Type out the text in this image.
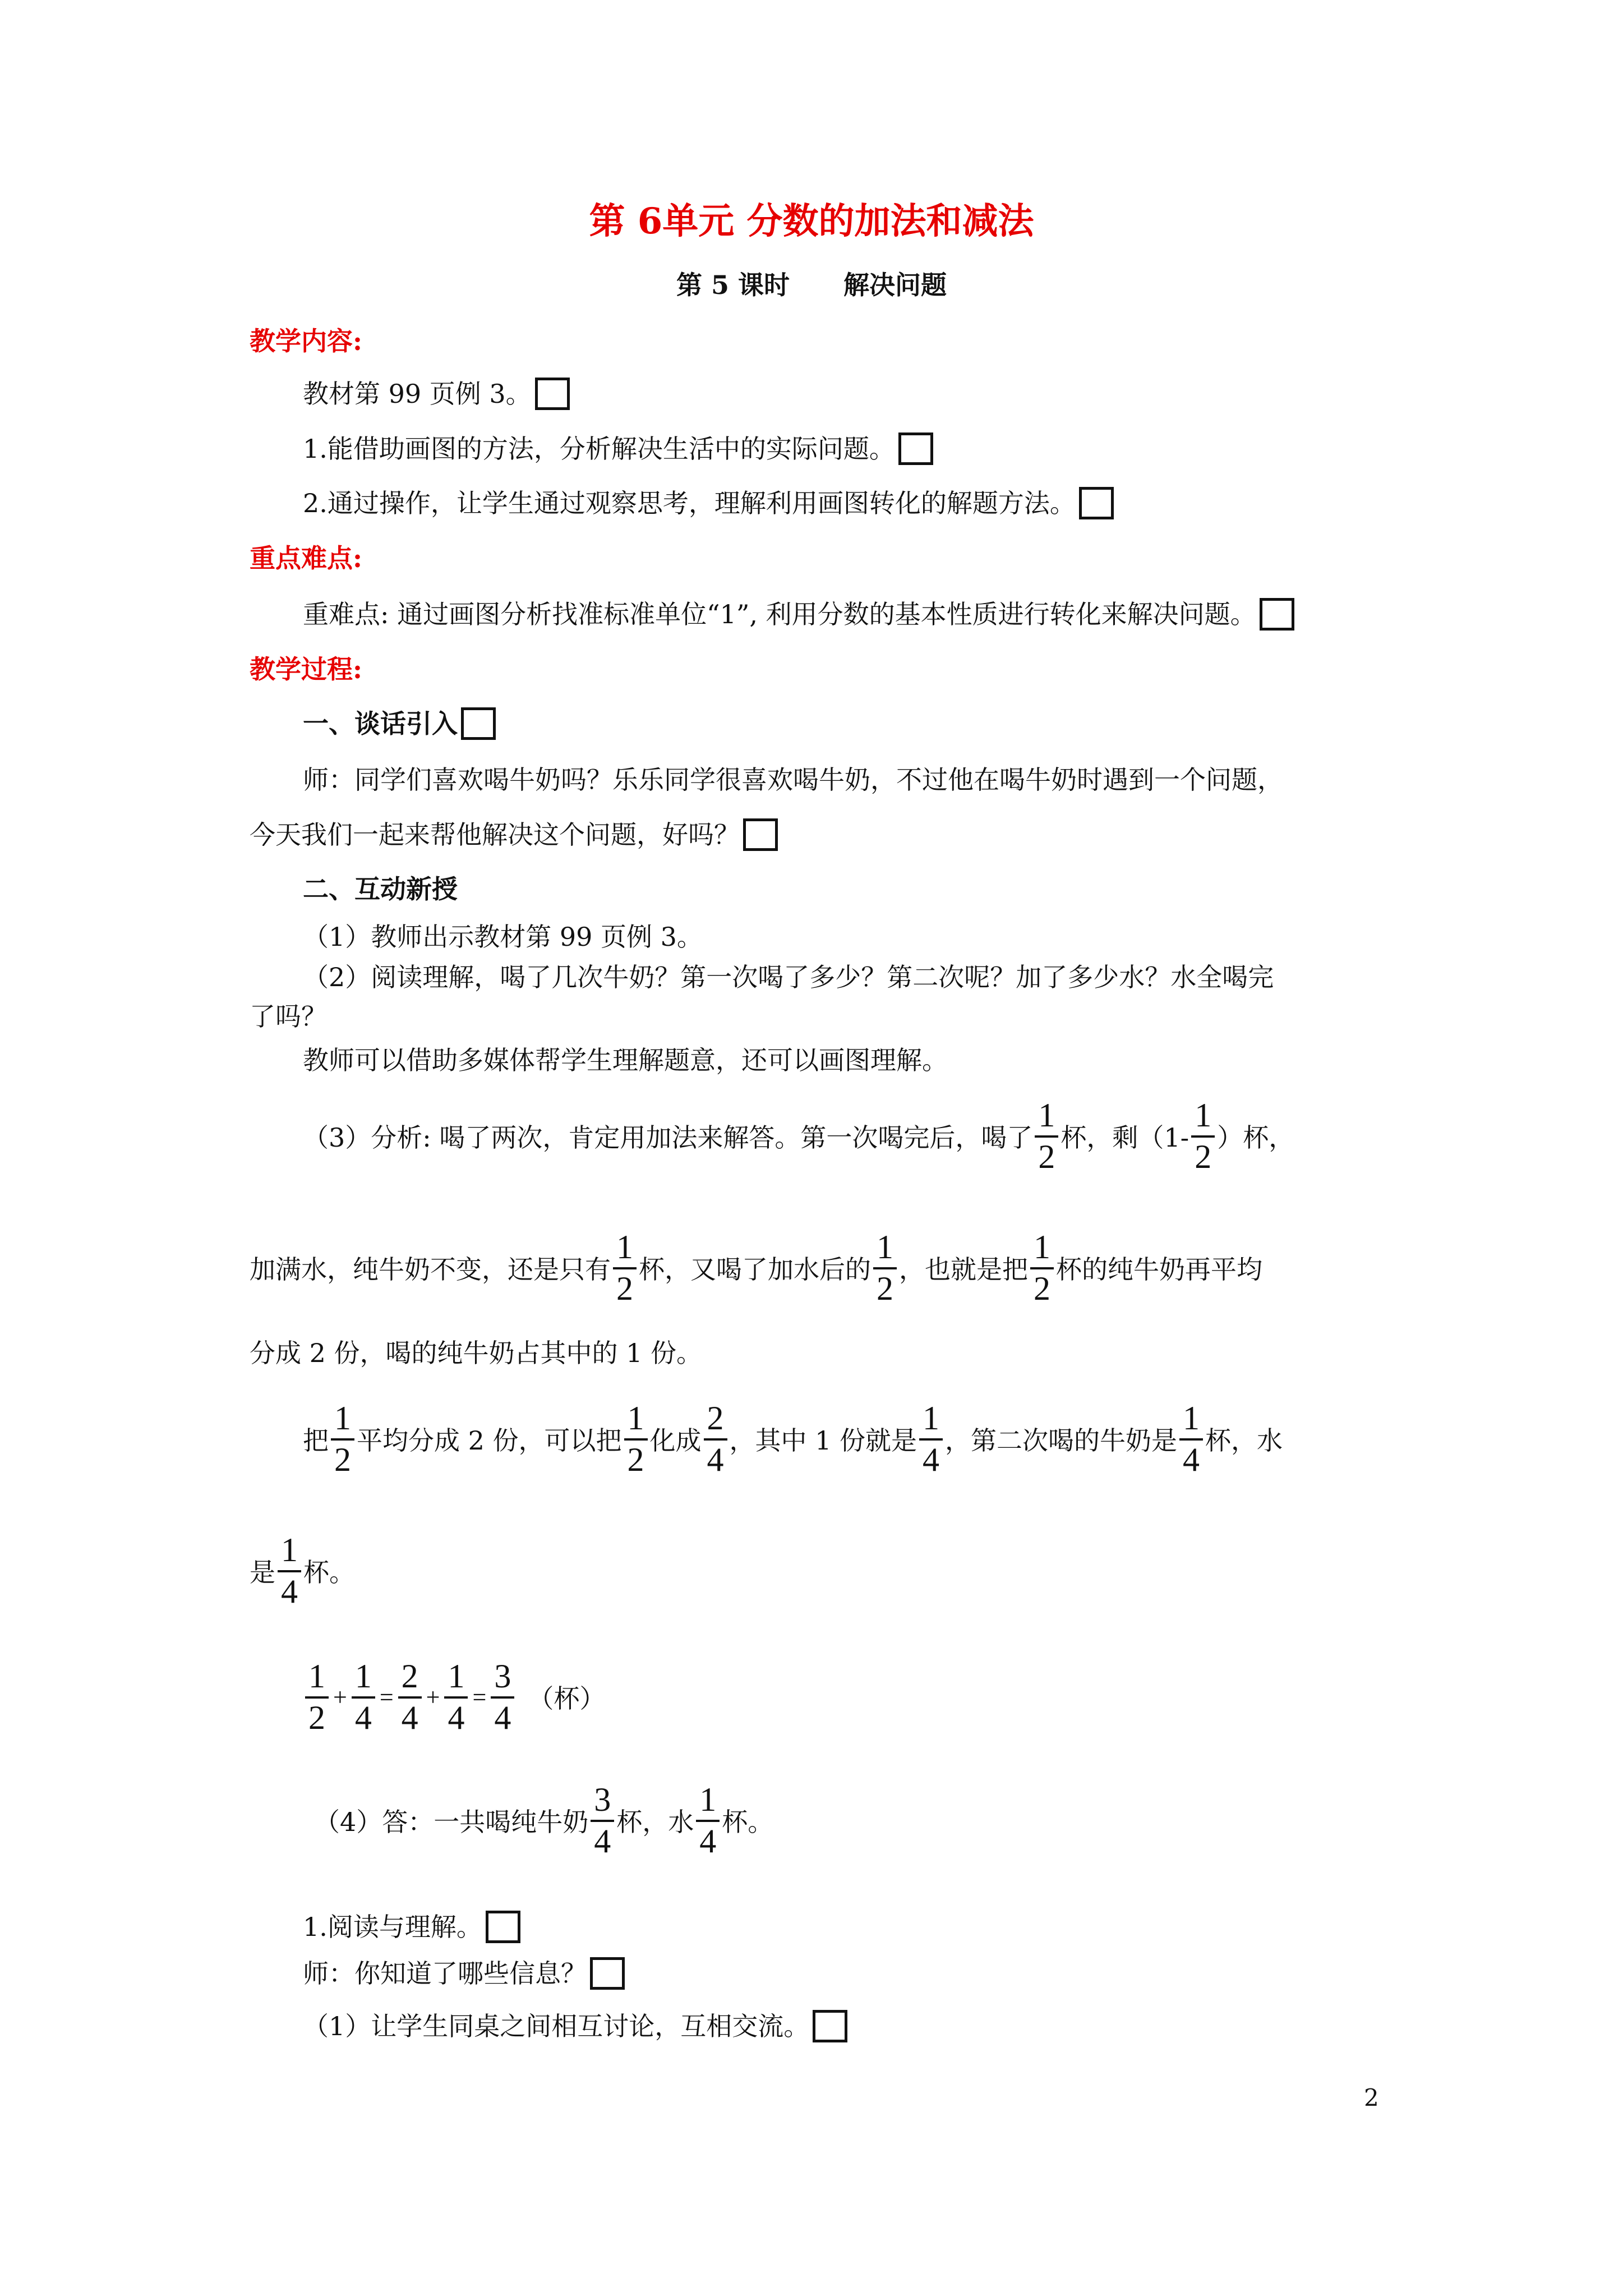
第 6单元 分数的加法和减法
第 5 课时      解决问题
教学内容:
教材第 99 页例 3。
1.能借助画图的方法，分析解决生活中的实际问题。
2.通过操作，让学生通过观察思考，理解利用画图转化的解题方法。
重点难点:
重难点: 通过画图分析找准标准单位“1”, 利用分数的基本性质进行转化来解决问题。
教学过程:
一、谈话引入
师：同学们喜欢喝牛奶吗？乐乐同学很喜欢喝牛奶，不过他在喝牛奶时遇到一个问题，
今天我们一起来帮他解决这个问题，好吗？
二、互动新授
（1）教师出示教材第 99 页例 3。
（2）阅读理解，喝了几次牛奶？第一次喝了多少？第二次呢？加了多少水？水全喝完
了吗？
教师可以借助多媒体帮学生理解题意，还可以画图理解。
（3）分析: 喝了两次，肯定用加法来解答。第一次喝完后，喝了 $\frac{1}{2}$ 杯，剩（$1- \frac{1}{2}$ ）杯，
加满水，纯牛奶不变，还是只有 $\frac{1}{2}$ 杯，又喝了加水后的 $\frac{1}{2}$ ，也就是把 $\frac{1}{2}$ 杯的纯牛奶再平均
分成 2 份，喝的纯牛奶占其中的 1 份。
把 $\frac{1}{2}$ 平均分成 2 份，可以把 $\frac{1}{2}$ 化成 $\frac{2}{4}$ ，其中 1 份就是 $\frac{1}{4}$ ，第二次喝的牛奶是 $\frac{1}{4}$ 杯，水
是 $\frac{1}{4}$ 杯。
$\frac{1}{2} + \frac{1}{4} = \frac{2}{4} + \frac{1}{4} = \frac{3}{4}$ （杯）
（4）答：一共喝纯牛奶 $\frac{3}{4}$ 杯，水 $\frac{1}{4}$ 杯。
1.阅读与理解。
师：你知道了哪些信息？
（1）让学生同桌之间相互讨论，互相交流。
2
